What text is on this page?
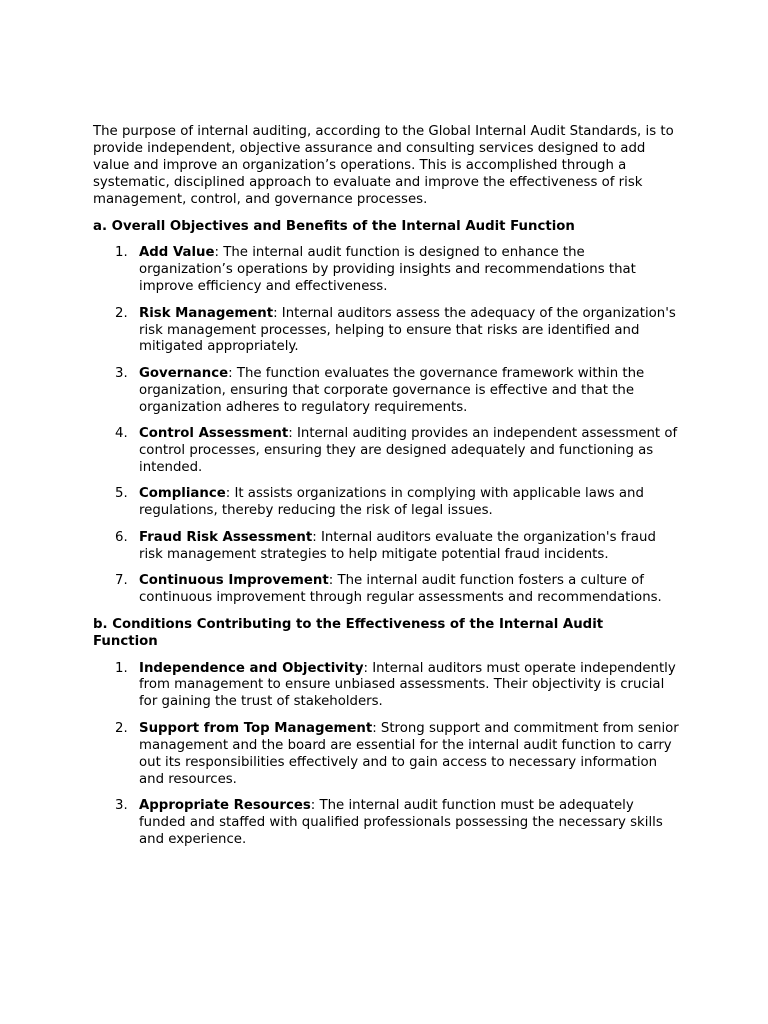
The purpose of internal auditing, according to the Global Internal Audit Standards, is to provide independent, objective assurance and consulting services designed to add value and improve an organization’s operations. This is accomplished through a systematic, disciplined approach to evaluate and improve the effectiveness of risk management, control, and governance processes.

a. Overall Objectives and Benefits of the Internal Audit Function
1. Add Value: The internal audit function is designed to enhance the organization’s operations by providing insights and recommendations that improve efficiency and effectiveness.
2. Risk Management: Internal auditors assess the adequacy of the organization's risk management processes, helping to ensure that risks are identified and mitigated appropriately.
3. Governance: The function evaluates the governance framework within the organization, ensuring that corporate governance is effective and that the organization adheres to regulatory requirements.
4. Control Assessment: Internal auditing provides an independent assessment of control processes, ensuring they are designed adequately and functioning as intended.
5. Compliance: It assists organizations in complying with applicable laws and regulations, thereby reducing the risk of legal issues.
6. Fraud Risk Assessment: Internal auditors evaluate the organization's fraud risk management strategies to help mitigate potential fraud incidents.
7. Continuous Improvement: The internal audit function fosters a culture of continuous improvement through regular assessments and recommendations.
b. Conditions Contributing to the Effectiveness of the Internal Audit Function
1. Independence and Objectivity: Internal auditors must operate independently from management to ensure unbiased assessments. Their objectivity is crucial for gaining the trust of stakeholders.
2. Support from Top Management: Strong support and commitment from senior management and the board are essential for the internal audit function to carry out its responsibilities effectively and to gain access to necessary information and resources.
3. Appropriate Resources: The internal audit function must be adequately funded and staffed with qualified professionals possessing the necessary skills and experience.
